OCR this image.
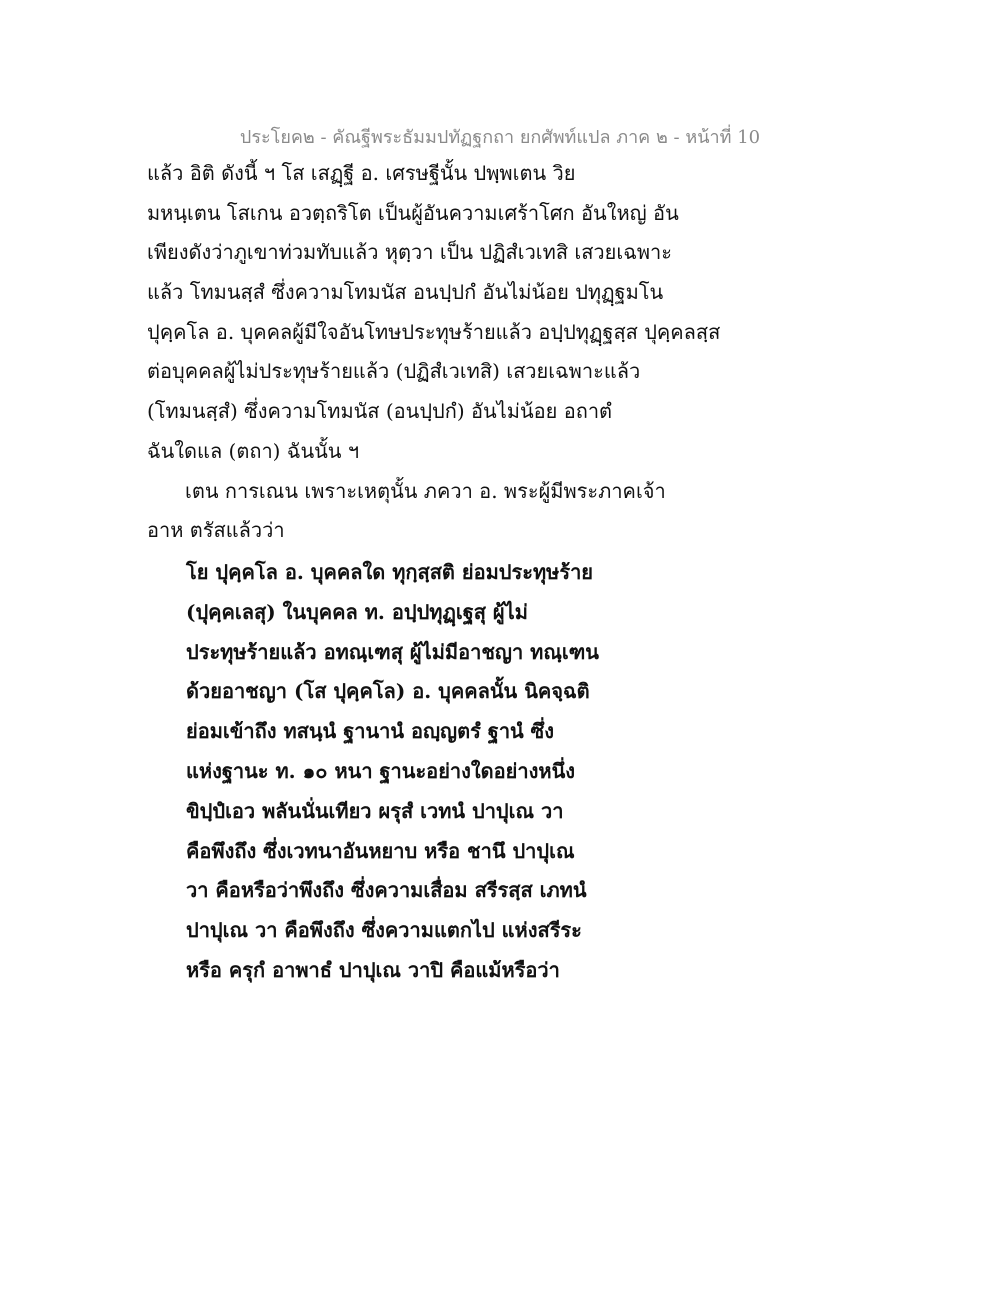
ประโยค๒ - คัณฐีพระธัมมปทัฏฐกถา ยกศัพท์แปล ภาค ๒ - หน้าที่ 10
แล้ว อิติ ดังนี้ ฯ โส เสฏฺฐี อ. เศรษฐีนั้น ปพฺพเตน วิย
มหนฺเตน โสเกน อวตฺถริโต เป็นผู้อันความเศร้าโศก อันใหญ่ อัน
เพียงดังว่าภูเขาท่วมทับแล้ว หุตฺวา เป็น ปฏิสํเวเทสิ เสวยเฉพาะ
แล้ว โทมนสฺสํ ซึ่งความโทมนัส อนปฺปกํ อันไม่น้อย ปทุฏฺฐมโน
ปุคฺคโล อ. บุคคลผู้มีใจอันโทษประทุษร้ายแล้ว อปฺปทุฏฺฐสฺส ปุคฺคลสฺส
ต่อบุคคลผู้ไม่ประทุษร้ายแล้ว (ปฏิสํเวเทสิ) เสวยเฉพาะแล้ว
(โทมนสฺสํ) ซึ่งความโทมนัส (อนปฺปกํ) อันไม่น้อย อถาตํ
ฉันใดแล (ตถา) ฉันนั้น ฯ
เตน การเณน เพราะเหตุนั้น ภควา อ. พระผู้มีพระภาคเจ้า
อาห ตรัสแล้วว่า
โย ปุคฺคโล อ. บุคคลใด ทุกฺสฺสติ ย่อมประทุษร้าย
(ปุคฺคเลสุ) ในบุคคล ท. อปฺปทุฏฺเฐสุ ผู้ไม่
ประทุษร้ายแล้ว อทณฺเฑสุ ผู้ไม่มีอาชญา ทณฺเฑน
ด้วยอาชญา (โส ปุคฺคโล) อ. บุคคลนั้น นิคจฺฉติ
ย่อมเข้าถึง ทสนฺนํ ฐานานํ อญฺญตรํ ฐานํ ซึ่ง
แห่งฐานะ ท. ๑๐ หนา ฐานะอย่างใดอย่างหนึ่ง
ขิปฺปํเอว พลันนั่นเทียว ผรุสํ เวทนํ ปาปุเณ วา
คือพึงถึง ซึ่งเวทนาอันหยาบ หรือ ชานึ ปาปุเณ
วา คือหรือว่าพึงถึง ซึ่งความเสื่อม สรีรสฺส เภทนํ
ปาปุเณ วา คือพึงถึง ซึ่งความแตกไป แห่งสรีระ
หรือ ครุกํ อาพาธํ ปาปุเณ วาปิ คือแม้หรือว่า
